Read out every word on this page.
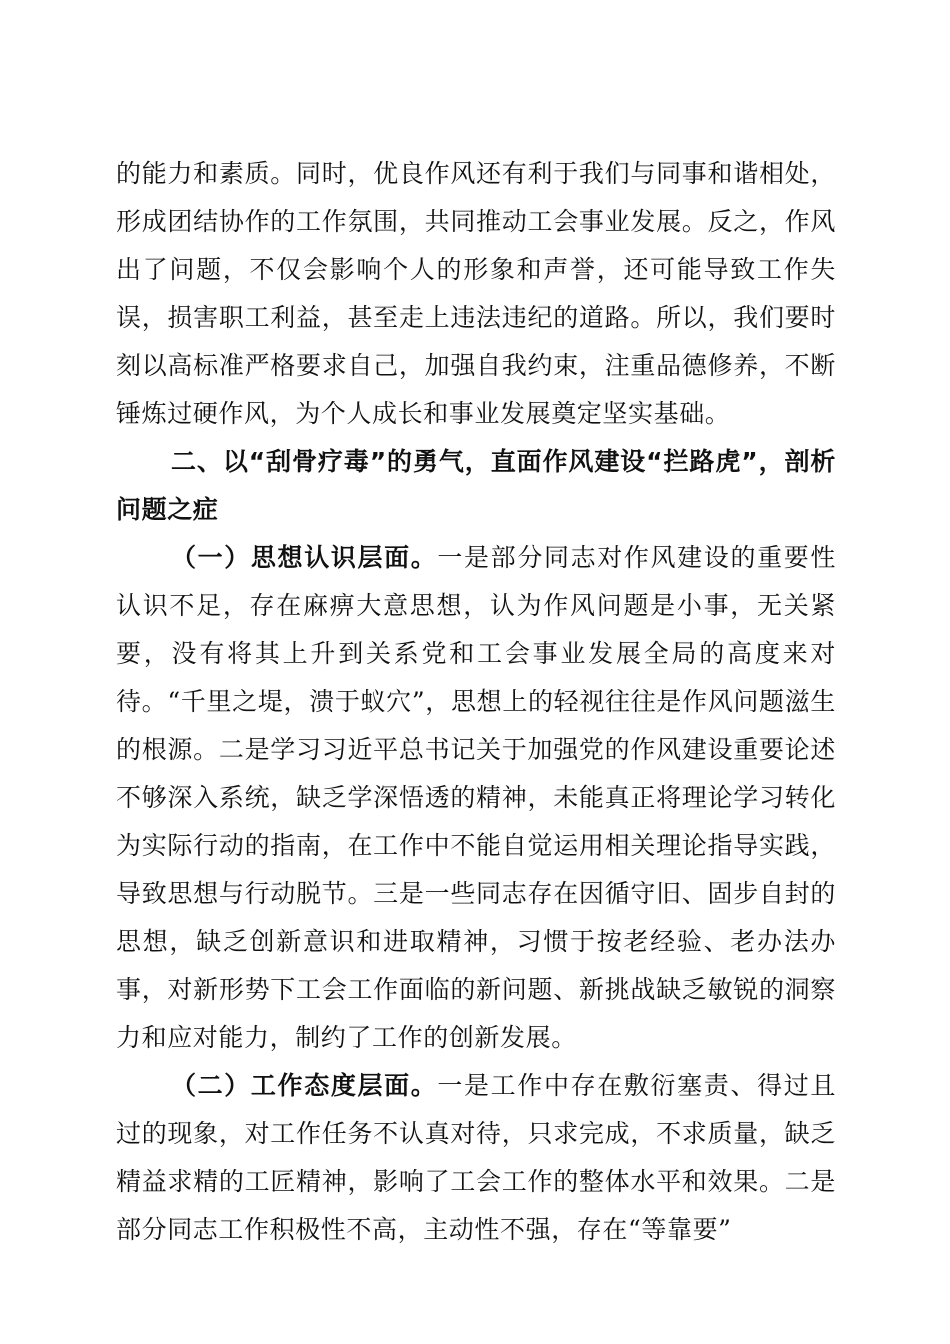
的能力和素质。同时，优良作风还有利于我们与同事和谐相处，形成团结协作的工作氛围，共同推动工会事业发展。反之，作风出了问题，不仅会影响个人的形象和声誉，还可能导致工作失误，损害职工利益，甚至走上违法违纪的道路。所以，我们要时刻以高标准严格要求自己，加强自我约束，注重品德修养，不断锤炼过硬作风，为个人成长和事业发展奠定坚实基础。

二、以“刮骨疗毒”的勇气，直面作风建设“拦路虎”，剖析问题之症

（一）思想认识层面。一是部分同志对作风建设的重要性认识不足，存在麻痹大意思想，认为作风问题是小事，无关紧要，没有将其上升到关系党和工会事业发展全局的高度来对待。“千里之堤，溃于蚁穴”，思想上的轻视往往是作风问题滋生的根源。二是学习习近平总书记关于加强党的作风建设重要论述不够深入系统，缺乏学深悟透的精神，未能真正将理论学习转化为实际行动的指南，在工作中不能自觉运用相关理论指导实践，导致思想与行动脱节。三是一些同志存在因循守旧、固步自封的思想，缺乏创新意识和进取精神，习惯于按老经验、老办法办事，对新形势下工会工作面临的新问题、新挑战缺乏敏锐的洞察力和应对能力，制约了工作的创新发展。

（二）工作态度层面。一是工作中存在敷衍塞责、得过且过的现象，对工作任务不认真对待，只求完成，不求质量，缺乏精益求精的工匠精神，影响了工会工作的整体水平和效果。二是部分同志工作积极性不高，主动性不强，存在“等靠要”
